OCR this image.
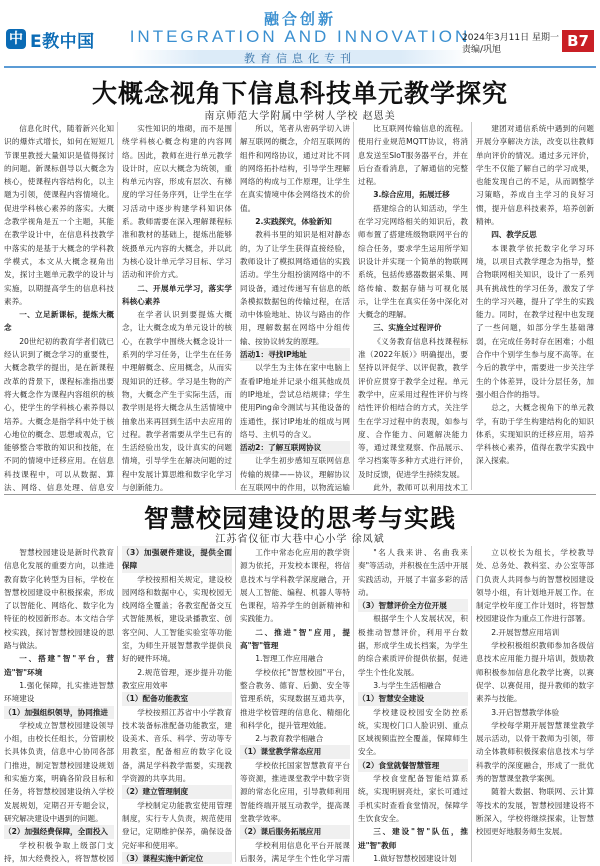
中 E教中国
融合创新
INTEGRATION AND INNOVATION
教育信息化专刊
2024年3月11日 星期一
责编/巩旭	B7
大概念视角下信息科技单元教学探究
南京师范大学附属中学树人学校 赵恩美

信息化时代，随着新兴化知识的爆炸式增长，如何在短短几节课里教授大量知识是值得探讨的问题。新课标倡导以大概念为核心，使课程内容结构化，以主题为引领，使课程内容情境化。促进学科核心素养的落实。大概念教学视角是五一个主题，其能在教学设计中，在信息科技教学中落实的是基于大概念的学科教学模式，本文从大概念视角出发，探讨主题单元教学的设计与实施，以期提高学生的信息科技素养。

一、立足新课标，提炼大概念

20世纪初的教育学者们就已经认识到了概念学习的重要性，大概念教学的提出，是在新课程改革的背景下，课程标准指出要将大概念作为课程内容组织的核心，使学生的学科核心素养得以培养。大概念是指学科中处于核心地位的概念、思想或观点，它能够整合零散的知识和技能，在不同的情境中迁移应用。在信息科技课程中，可以从数据、算法、网络、信息处理、信息安

实性知识的堆砌，而不是围绕学科核心概念构建的内容网络。因此，教师在进行单元教学设计时，应以大概念为统领，重构单元内容，形成有层次、有梯度的学习任务序列，让学生在学习活动中逐步构建学科知识体系。教师需要在深入理解课程标准和教材的基础上，提炼出能够统摄单元内容的大概念，并以此为核心设计单元学习目标、学习活动和评价方式。

二、开展单元学习，落实学科核心素养

在学者认识到要提炼大概念，让大概念成为单元设计的核心，在教学中围绕大概念设计一系列的学习任务，让学生在任务中理解概念、应用概念，从而实现知识的迁移。学习是生物的产物，大概念产生于实际生活，而教学则是将大概念从生活情境中抽象出来再回到生活中去应用的过程。教学者需要从学生已有的生活经验出发，设计真实的问题情境，引导学生在解决问题的过程中发展计算思维和数字化学习与创新能力。

所以，笔者从密码学切入讲解互联网的概念，介绍互联网的组件和网络协议，通过对比不同的网络拓扑结构，引导学生理解网络的构成与工作原理，让学生在真实情境中体会网络技术的价值。

2.实践探究，体验新知

教科书里的知识是相对静态的，为了让学生获得直接经验，教师设计了模拟网络通信的实践活动。学生分组扮演网络中的不同设备，通过传递写有信息的纸条模拟数据包的传输过程，在活动中体验地址、协议与路由的作用，理解数据在网络中分组传输、按协议转发的原理。

活动1：寻找IP地址

以学生为主体在家中电脑上查看IP地址并记录小组其他成员的IP地址，尝试总结规律；学生使用Ping命令测试与其他设备的连通性，探讨IP地址的组成与网络号、主机号的含义。

活动2：了解互联网协议

让学生初步感知互联网信息传输的规律——协议，理解协议在互联网中的作用，以物流运输

比互联网传输信息的流程。使用行业规范MQTT协议，将消息发送至SIoT服务器平台，并在后台查看消息，了解通信的完整过程。

3.综合应用，拓展迁移

搭建综合的认知活动，学生在学习完网络相关的知识后，教师布置了搭建班级物联网平台的综合任务，要求学生运用所学知识设计并实现一个简单的物联网系统，包括传感器数据采集、网络传输、数据存储与可视化展示，让学生在真实任务中深化对大概念的理解。

三、实施全过程评价

《义务教育信息科技课程标准（2022年版）》明确提出，要坚持以评促学、以评促教，教学评价应贯穿于教学全过程。单元教学中，应采用过程性评价与终结性评价相结合的方式，关注学生在学习过程中的表现，如参与度、合作能力、问题解决能力等，通过课堂观察、作品展示、学习档案等多种方式进行评价，及时反馈，促进学生持续发展。

此外，教师可以利用技术工

建团对通信系统中遇到的问题开展分享解决方法，改变以往教师单向评价的情况。通过多元评价，学生不仅能了解自己的学习成果，也能发现自己的不足，从而调整学习策略，养成自主学习的良好习惯，提升信息科技素养，培养创新精神。

四、教学反思

本课教学依托数字化学习环境，以项目式教学理念为指导，整合物联网相关知识，设计了一系列具有挑战性的学习任务，激发了学生的学习兴趣，提升了学生的实践能力。同时，在教学过程中也发现了一些问题，如部分学生基础薄弱，在完成任务时存在困难；小组合作中个别学生参与度不高等。在今后的教学中，需要进一步关注学生的个体差异，设计分层任务，加强小组合作的指导。

总之，大概念视角下的单元教学，有助于学生构建结构化的知识体系，实现知识的迁移应用，培养学科核心素养，值得在教学实践中深入探索。

智慧校园建设的思考与实践
江苏省仪征市大巷中心小学 徐凤斌

智慧校园建设是新时代教育信息化发展的重要方向，以推进教育数字化转型为目标，学校在智慧校园建设中积极探索，形成了以智能化、网络化、数字化为特征的校园新形态。本文结合学校实践，探讨智慧校园建设的思路与做法。

一、搭建"智"平台，营造"智"环境

1.强化保障，扎实推进智慧环境建设

（1）加强组织领导，协同推进

学校成立智慧校园建设领导小组，由校长任组长，分管副校长具体负责，信息中心协同各部门推进，制定智慧校园建设规划和实施方案，明确各阶段目标和任务，将智慧校园建设纳入学校发展规划，定期召开专题会议，研究解决建设中遇到的问题。

（2）加强经费保障，全面投入

学校积极争取上级部门支持，加大经费投入，将智慧校园

（3）加强硬件建设，提供全面保障

学校按照相关规定，建设校园网络和数据中心，实现校园无线网络全覆盖；各教室配备交互式智能黑板，建设录播教室、创客空间、人工智能实验室等功能室，为师生开展智慧教学提供良好的硬件环境。

2.规范管理，逐步提升功能教室应用效率

（1）配备功能教室

学校按照江苏省中小学教育技术装备标准配备功能教室，建设美术、音乐、科学、劳动等专用教室，配备相应的数字化设备，满足学科教学需要，实现教学资源的共享共用。

（2）建立管理制度

学校制定功能教室使用管理制度，实行专人负责，规范使用登记，定期维护保养，确保设备完好率和使用率。

（3）课程实施中新定位

工作中常态化应用的教学资源为依托，开发校本课程，将信息技术与学科教学深度融合，开展人工智能、编程、机器人等特色课程，培养学生的创新精神和实践能力。

二、推进"智"应用，提高"智"管理

1.智理工作应用融合

学校依托"智慧校园"平台，整合教务、德育、后勤、安全等管理系统，实现数据互通共享，推进学校管理的信息化、精细化和科学化，提升管理效能。

2.与教育教学相融合

（1）课堂教学常态应用

学校依托国家智慧教育平台等资源，推进课堂教学中数字资源的常态化应用，引导教师利用智能终端开展互动教学，提高课堂教学效率。

（2）课后服务拓展应用

学校利用信息化平台开展课后服务，满足学生个性化学习需

"名人我来讲、名曲我来奏"等活动，并积极在生活中开展实践活动，开展了丰富多彩的活动。

（3）智慧评价全方位开展

根据学生个人发展状况，积极推动智慧评价，利用平台数据，形成学生成长档案，为学生的综合素质评价提供依据，促进学生个性化发展。

3.与学生生活相融合

（1）智慧安全建设

学校建设校园安全防控系统，实现校门口人脸识别、重点区域视频监控全覆盖，保障师生安全。

（2）食堂就餐智慧管理

学校食堂配备智能结算系统，实现明厨亮灶，家长可通过手机实时查看食堂情况，保障学生饮食安全。

三、建设"智"队伍，推进"智"教师

1.做好智慧校园建设计划

立以校长为组长，学校教导处、总务处、教科室、办公室等部门负责人共同参与的智慧校园建设领导小组，有计划地开展工作。在制定学校年度工作计划时，将智慧校园建设作为重点工作进行部署。

2.开展智慧应用培训

学校积极组织教师参加各级信息技术应用能力提升培训，鼓励教师积极参加信息化教学比赛，以赛促学、以赛促用，提升教师的数字素养与技能。

3.开启智慧教学体验

学校每学期开展智慧课堂教学展示活动，以骨干教师为引领，带动全体教师积极探索信息技术与学科教学的深度融合，形成了一批优秀的智慧课堂教学案例。

随着大数据、物联网、云计算等技术的发展，智慧校园建设将不断深入，学校将继续探索，让智慧校园更好地服务师生发展。
